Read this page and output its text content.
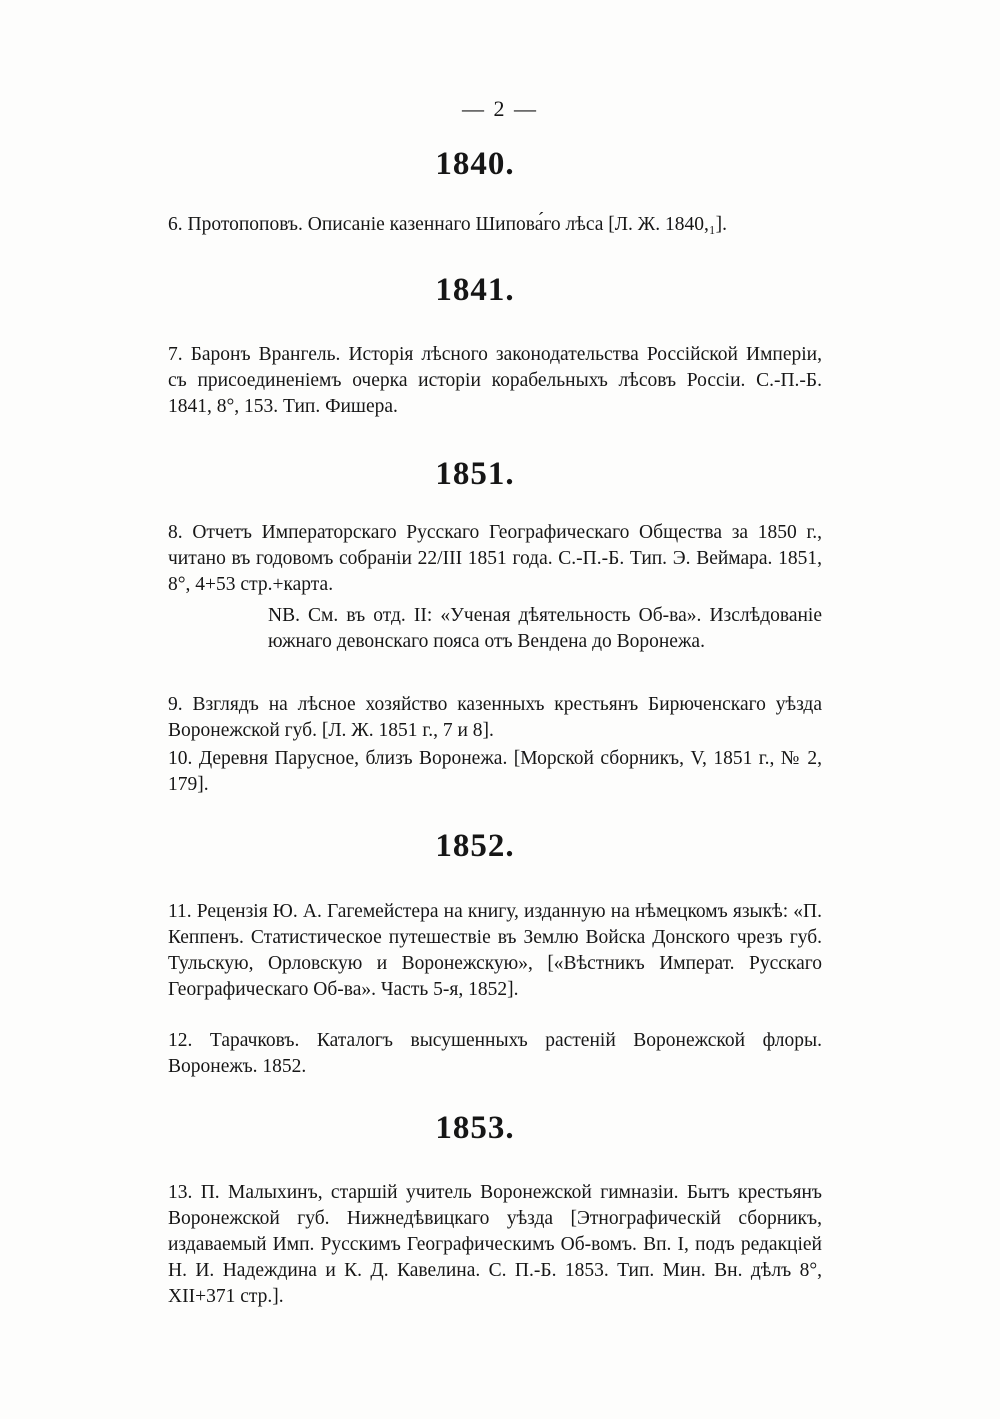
— 2 —
1840.
6. Протопоповъ. Описаніе казеннаго Шипова́го лѣса [Л. Ж. 1840,₁].
1841.
7. Баронъ Врангель. Исторія лѣсного законодательства Россійской Имперіи, съ присоединеніемъ очерка исторіи корабельныхъ лѣсовъ Россіи. С.-П.-Б. 1841, 8°, 153. Тип. Фишера.
1851.
8. Отчетъ Императорскаго Русскаго Географическаго Общества за 1850 г., читано въ годовомъ собраніи 22/III 1851 года. С.-П.-Б. Тип. Э. Веймара. 1851, 8°, 4+53 стр.+карта.
NB. См. въ отд. II: «Ученая дѣятельность Об-ва». Изслѣдованіе южнаго девонскаго пояса отъ Вендена до Воронежа.
9. Взглядъ на лѣсное хозяйство казенныхъ крестьянъ Бирюченскаго уѣзда Воронежской губ. [Л. Ж. 1851 г., 7 и 8].
10. Деревня Парусное, близъ Воронежа. [Морской сборникъ, V, 1851 г., № 2, 179].
1852.
11. Рецензія Ю. А. Гагемейстера на книгу, изданную на нѣмецкомъ языкѣ: «П. Кеппенъ. Статистическое путешествіе въ Землю Войска Донского чрезъ губ. Тульскую, Орловскую и Воронежскую», [«Вѣстникъ Императ. Русскаго Географическаго Об-ва». Часть 5-я, 1852].
12. Тарачковъ. Каталогъ высушенныхъ растеній Воронежской флоры. Воронежъ. 1852.
1853.
13. П. Малыхинъ, старшій учитель Воронежской гимназіи. Бытъ крестьянъ Воронежской губ. Нижнедѣвицкаго уѣзда [Этнографическій сборникъ, издаваемый Имп. Русскимъ Географическимъ Об-вомъ. Вп. I, подъ редакціей Н. И. Надеждина и К. Д. Кавелина. С. П.-Б. 1853. Тип. Мин. Вн. дѣлъ 8°, XII+371 стр.].
